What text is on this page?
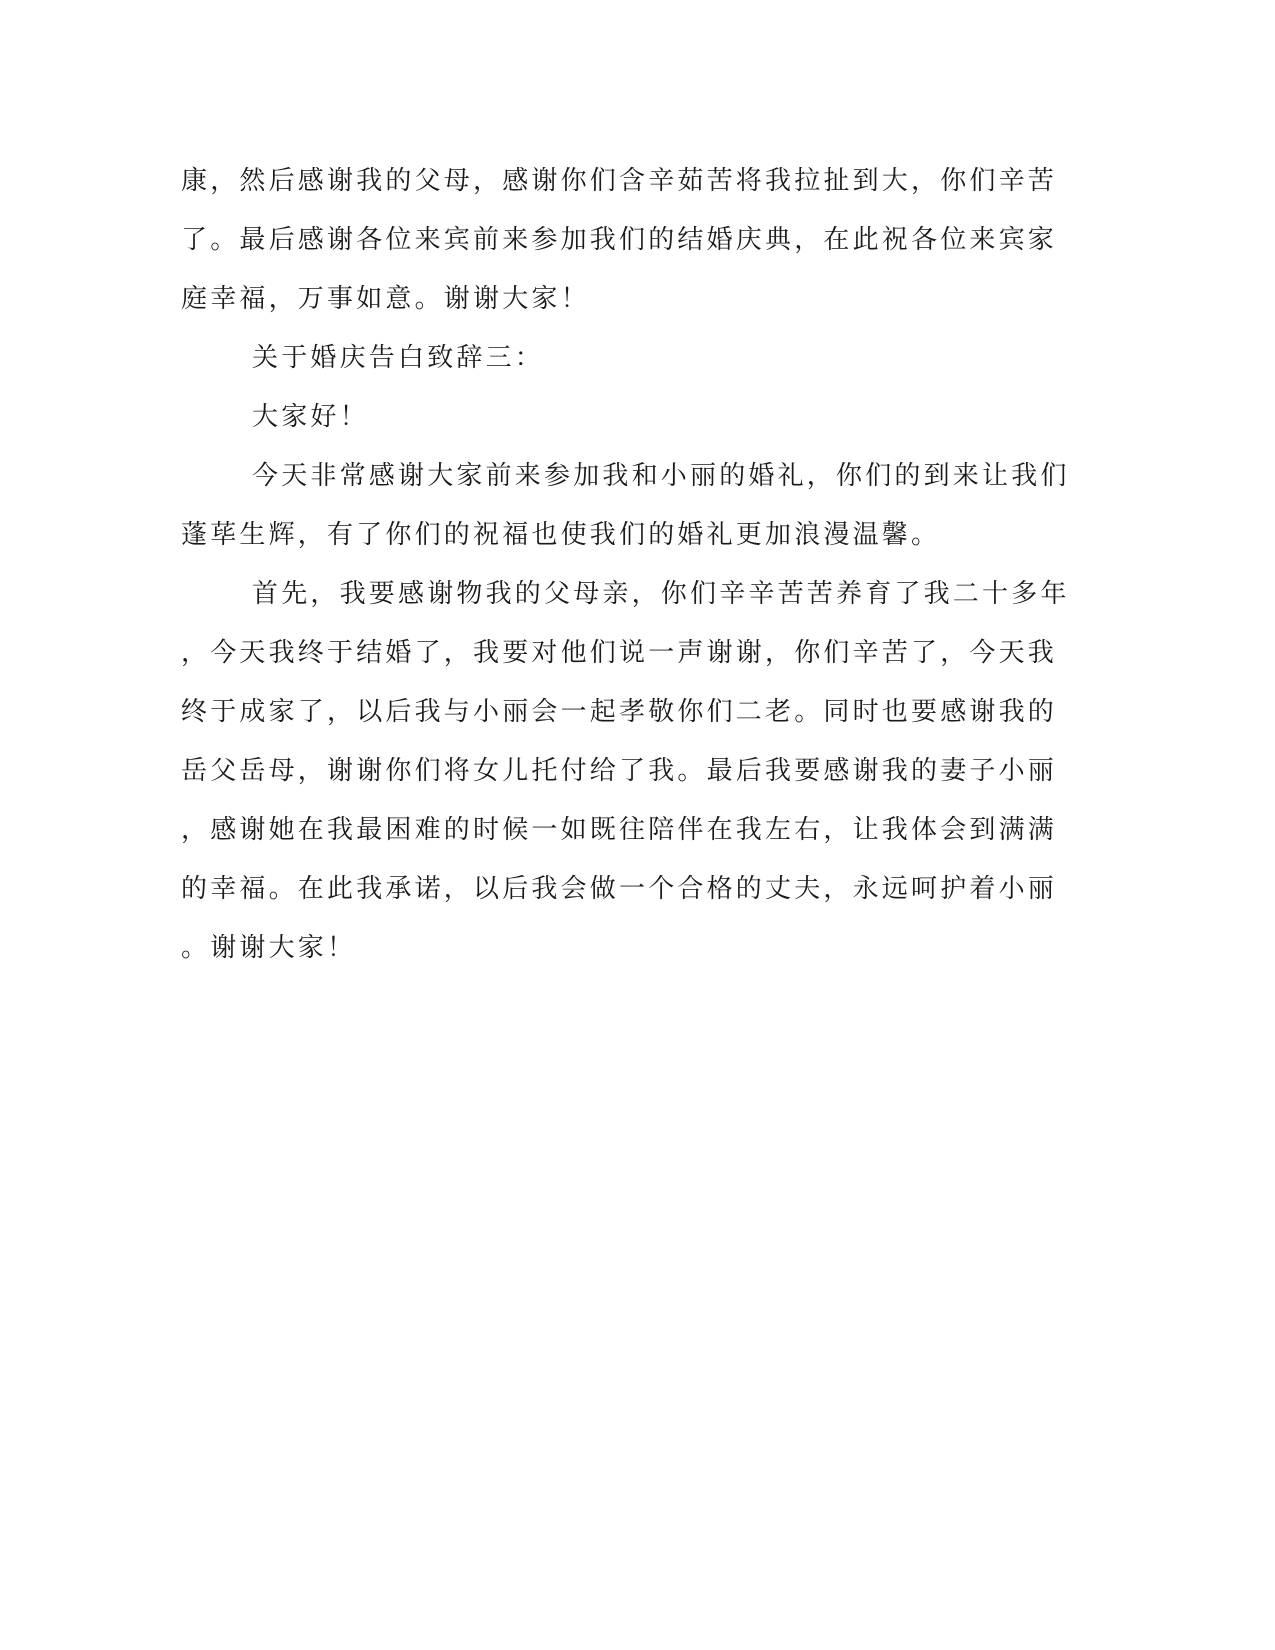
康，然后感谢我的父母，感谢你们含辛茹苦将我拉扯到大，你们辛苦
了。最后感谢各位来宾前来参加我们的结婚庆典，在此祝各位来宾家
庭幸福，万事如意。谢谢大家！
关于婚庆告白致辞三：
大家好！
今天非常感谢大家前来参加我和小丽的婚礼，你们的到来让我们
蓬荜生辉，有了你们的祝福也使我们的婚礼更加浪漫温馨。
首先，我要感谢物我的父母亲，你们辛辛苦苦养育了我二十多年
，今天我终于结婚了，我要对他们说一声谢谢，你们辛苦了，今天我
终于成家了，以后我与小丽会一起孝敬你们二老。同时也要感谢我的
岳父岳母，谢谢你们将女儿托付给了我。最后我要感谢我的妻子小丽
，感谢她在我最困难的时候一如既往陪伴在我左右，让我体会到满满
的幸福。在此我承诺，以后我会做一个合格的丈夫，永远呵护着小丽
。谢谢大家！
